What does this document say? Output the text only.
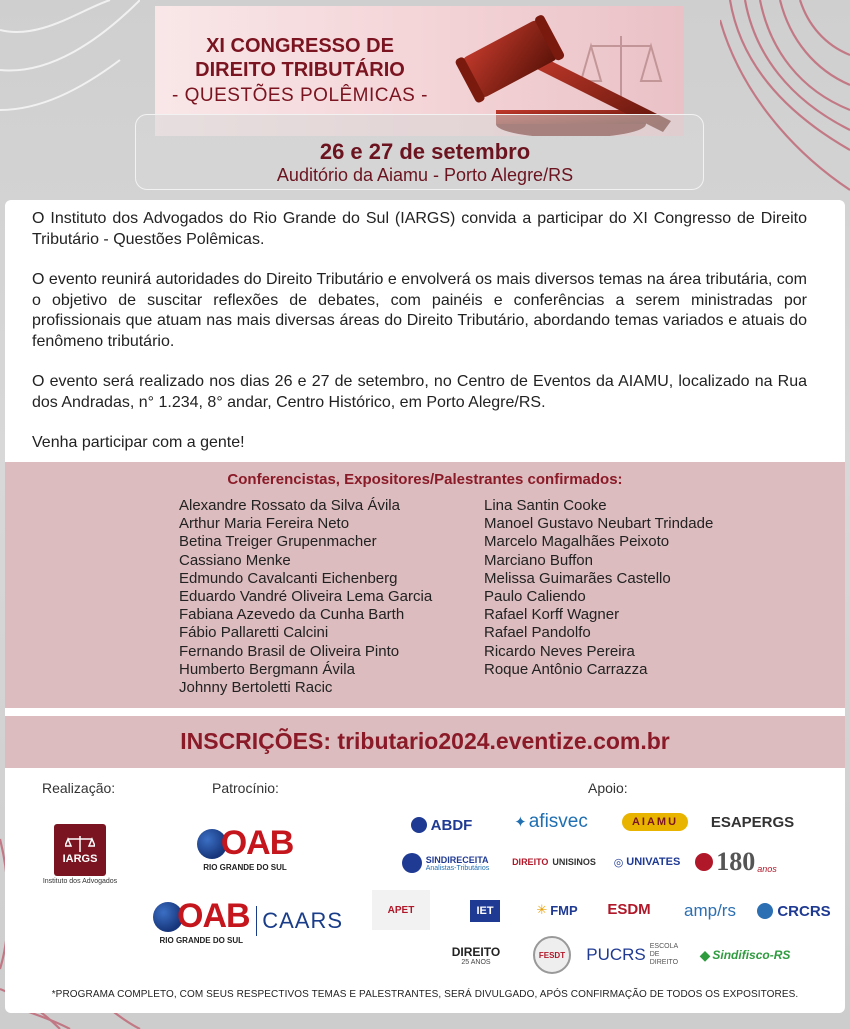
XI CONGRESSO DE
DIREITO TRIBUTÁRIO
- QUESTÕES POLÊMICAS -
26 e 27 de setembro
Auditório da Aiamu - Porto Alegre/RS

O Instituto dos Advogados do Rio Grande do Sul (IARGS) convida a participar do XI Congresso de Direito Tributário - Questões Polêmicas.

O evento reunirá autoridades do Direito Tributário e envolverá os mais diversos temas na área tributária, com o objetivo de suscitar reflexões de debates, com painéis e conferências a serem ministradas por profissionais que atuam nas mais diversas áreas do Direito Tributário, abordando temas variados e atuais do fenômeno tributário.

O evento será realizado nos dias 26 e 27 de setembro, no Centro de Eventos da AIAMU, localizado na Rua dos Andradas, n° 1.234, 8° andar, Centro Histórico, em Porto Alegre/RS.

Venha participar com a gente!

Conferencistas, Expositores/Palestrantes confirmados:
Alexandre Rossato da Silva Ávila
Arthur Maria Fereira Neto
Betina Treiger Grupenmacher
Cassiano Menke
Edmundo Cavalcanti Eichenberg
Eduardo Vandré Oliveira Lema Garcia
Fabiana Azevedo da Cunha Barth
Fábio Pallaretti Calcini
Fernando Brasil de Oliveira Pinto
Humberto Bergmann Ávila
Johnny Bertoletti Racic
Lina Santin Cooke
Manoel Gustavo Neubart Trindade
Marcelo Magalhães Peixoto
Marciano Buffon
Melissa Guimarães Castello
Paulo Caliendo
Rafael Korff Wagner
Rafael Pandolfo
Ricardo Neves Pereira
Roque Antônio Carrazza
INSCRIÇÕES: tributario2024.eventize.com.br
Realização:	Patrocínio:	Apoio:
IARGS
Instituto dos Advogados
OAB
RIO GRANDE DO SUL
OAB
RIO GRANDE DO SUL
CAARS
ABDF	✦ afisvec	AIAMU	ESAPERGS
SINDIRECEITA
Analistas-Tributários
DIREITO UNISINOS ◎ UNIVATES 180 anos
APET	IET	✳ FMP ESDM amp/rs	CRCRS
DIREITO
25 ANOS
FESDT PUCRS ESCOLA DE DIREITO ◆ Sindifisco-RS
*PROGRAMA COMPLETO, COM SEUS RESPECTIVOS TEMAS E PALESTRANTES, SERÁ DIVULGADO, APÓS CONFIRMAÇÃO DE TODOS OS EXPOSITORES.
